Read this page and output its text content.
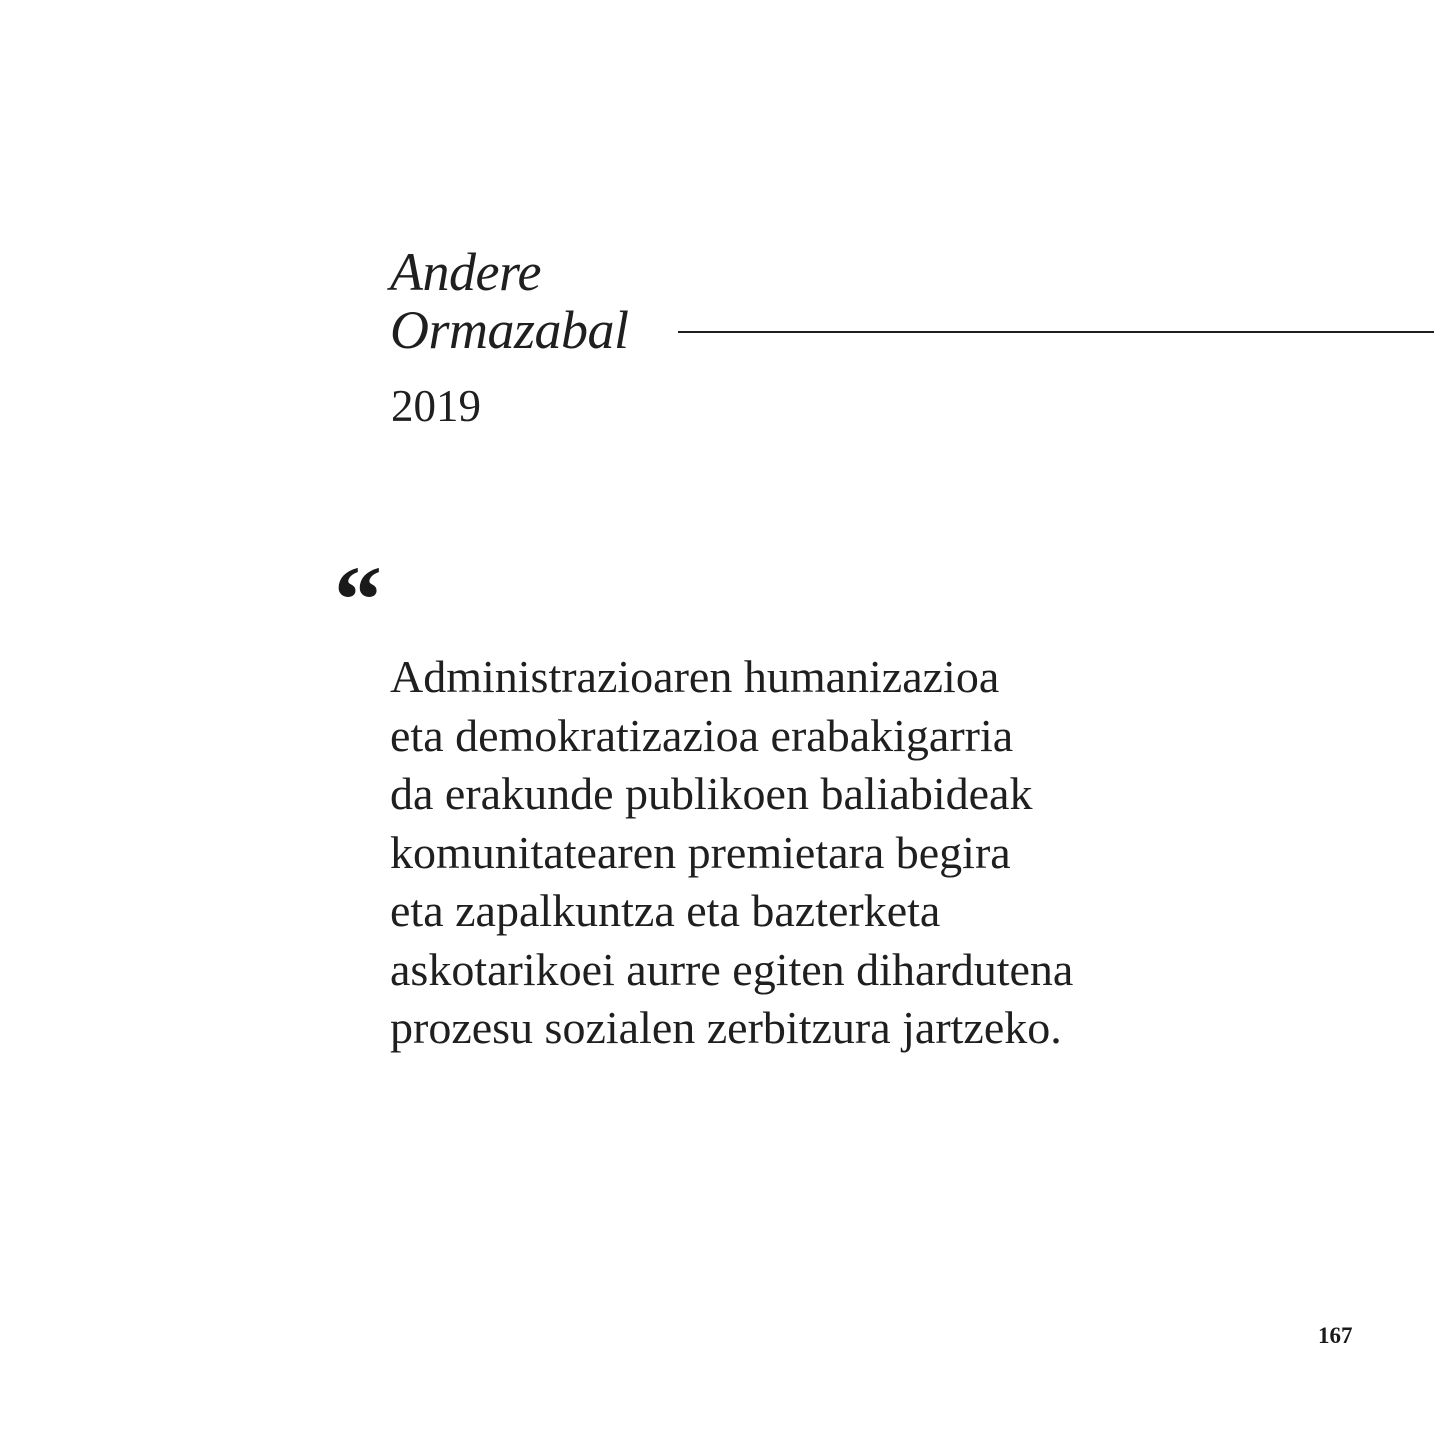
Andere
Ormazabal
2019
“

Administrazioaren humanizazioa
eta demokratizazioa erabakigarria
da erakunde publikoen baliabideak
komunitatearen premietara begira
eta zapalkuntza eta bazterketa
askotarikoei aurre egiten dihardutena
prozesu sozialen zerbitzura jartzeko.

167
